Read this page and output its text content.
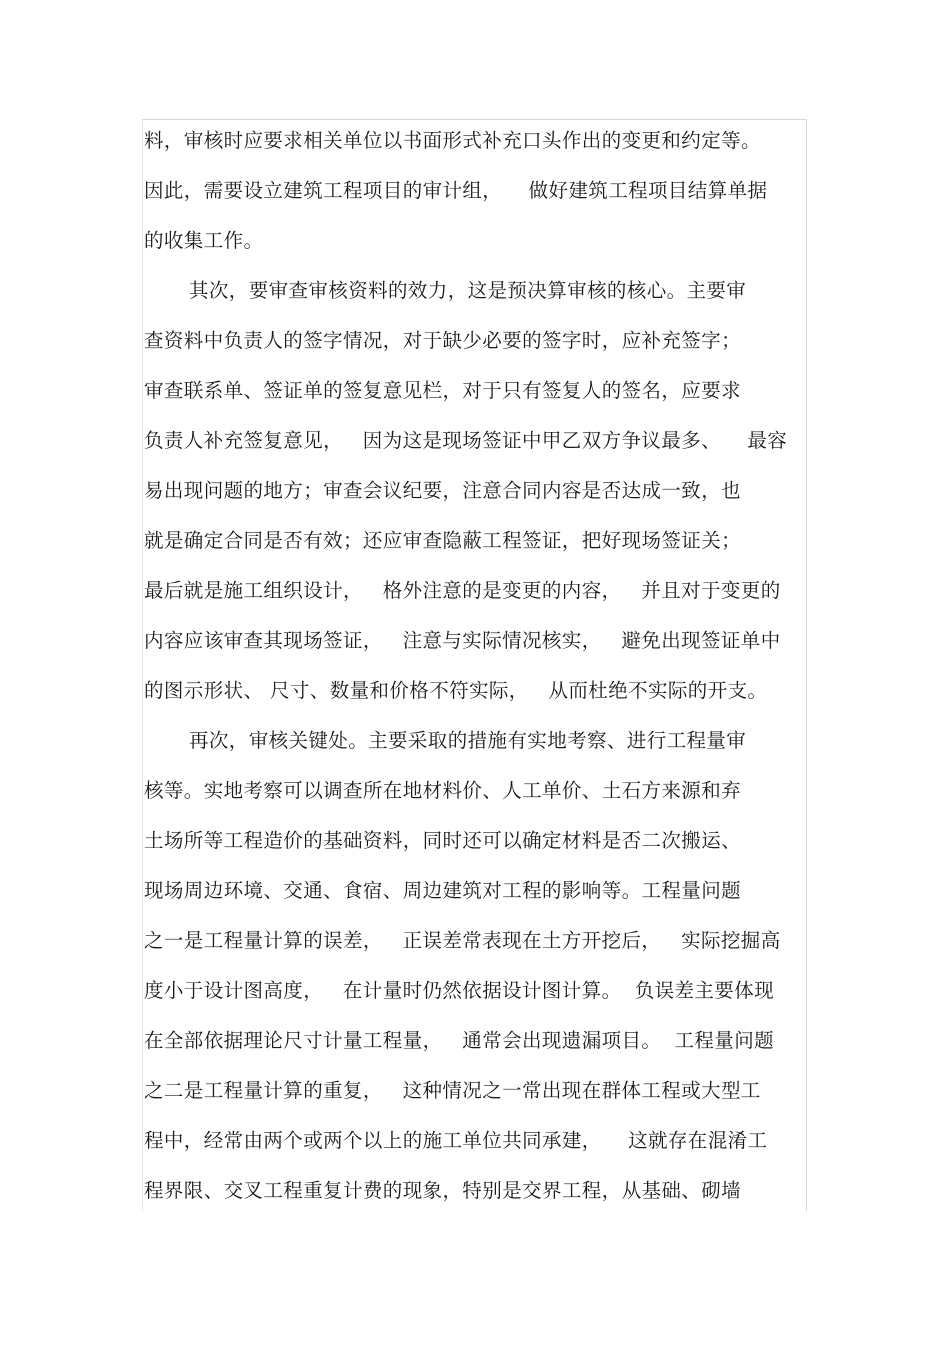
料，审核时应要求相关单位以书面形式补充口头作出的变更和约定等。
因此，需要设立建筑工程项目的审计组，    做好建筑工程项目结算单据
的收集工作。
其次，要审查审核资料的效力，这是预决算审核的核心。主要审
查资料中负责人的签字情况，对于缺少必要的签字时，应补充签字；
审查联系单、签证单的签复意见栏，对于只有签复人的签名，应要求
负责人补充签复意见，   因为这是现场签证中甲乙双方争议最多、    最容
易出现问题的地方；审查会议纪要，注意合同内容是否达成一致，也
就是确定合同是否有效；还应审查隐蔽工程签证，把好现场签证关；
最后就是施工组织设计，   格外注意的是变更的内容，   并且对于变更的
内容应该审查其现场签证，   注意与实际情况核实，   避免出现签证单中
的图示形状、 尺寸、数量和价格不符实际，   从而杜绝不实际的开支。
再次，审核关键处。主要采取的措施有实地考察、进行工程量审
核等。实地考察可以调查所在地材料价、人工单价、土石方来源和弃
土场所等工程造价的基础资料，同时还可以确定材料是否二次搬运、
现场周边环境、交通、食宿、周边建筑对工程的影响等。工程量问题
之一是工程量计算的误差，   正误差常表现在土方开挖后，   实际挖掘高
度小于设计图高度，   在计量时仍然依据设计图计算。  负误差主要体现
在全部依据理论尺寸计量工程量，   通常会出现遗漏项目。  工程量问题
之二是工程量计算的重复，   这种情况之一常出现在群体工程或大型工
程中，经常由两个或两个以上的施工单位共同承建，    这就存在混淆工
程界限、交叉工程重复计费的现象，特别是交界工程，从基础、砌墙
